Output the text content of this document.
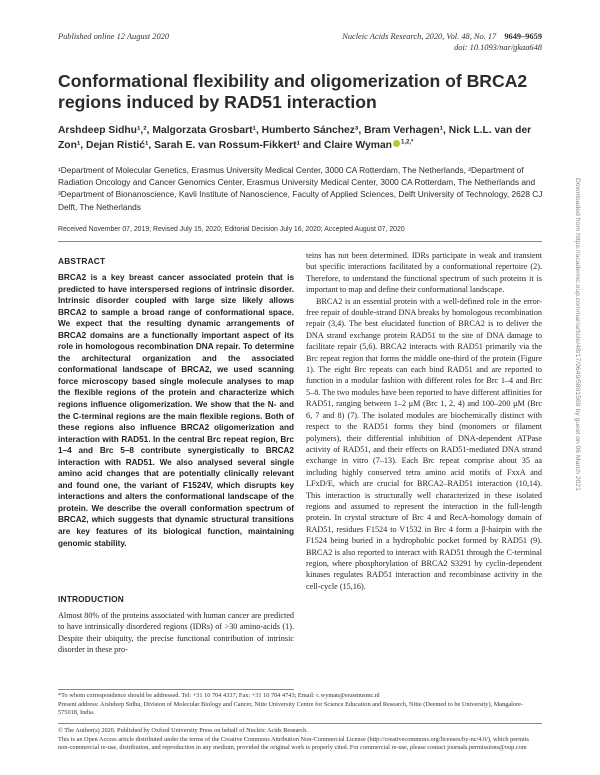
Published online 12 August 2020	Nucleic Acids Research, 2020, Vol. 48, No. 17 9649–9659
doi: 10.1093/nar/gkaa648
Conformational flexibility and oligomerization of BRCA2 regions induced by RAD51 interaction
Arshdeep Sidhu¹,², Malgorzata Grosbart¹, Humberto Sánchez³, Bram Verhagen¹, Nick L.L. van der Zon¹, Dejan Ristić¹, Sarah E. van Rossum-Fikkert¹ and Claire Wyman $^{1,2,*}$
¹Department of Molecular Genetics, Erasmus University Medical Center, 3000 CA Rotterdam, The Netherlands, ²Department of Radiation Oncology and Cancer Genomics Center, Erasmus University Medical Center, 3000 CA Rotterdam, The Netherlands and ³Department of Bionanoscience, Kavli Institute of Nanoscience, Faculty of Applied Sciences, Delft University of Technology, 2628 CJ Delft, The Netherlands
Received November 07, 2019; Revised July 15, 2020; Editorial Decision July 16, 2020; Accepted August 07, 2020
ABSTRACT

BRCA2 is a key breast cancer associated protein that is predicted to have interspersed regions of intrinsic disorder. Intrinsic disorder coupled with large size likely allows BRCA2 to sample a broad range of conformational space. We expect that the resulting dynamic arrangements of BRCA2 domains are a functionally important aspect of its role in homologous recombination DNA repair. To determine the architectural organization and the associated conformational landscape of BRCA2, we used scanning force microscopy based single molecule analyses to map the flexible regions of the protein and characterize which regions influence oligomerization. We show that the N- and the C-terminal regions are the main flexible regions. Both of these regions also influence BRCA2 oligomerization and interaction with RAD51. In the central Brc repeat region, Brc 1–4 and Brc 5–8 contribute synergistically to BRCA2 interaction with RAD51. We also analysed several single amino acid changes that are potentially clinically relevant and found one, the variant of F1524V, which disrupts key interactions and alters the conformational landscape of the protein. We describe the overall conformation spectrum of BRCA2, which suggests that dynamic structural transitions are key features of its biological function, maintaining genomic stability.

INTRODUCTION

Almost 80% of the proteins associated with human cancer are predicted to have intrinsically disordered regions (IDRs) of >30 amino-acids (1). Despite their ubiquity, the precise functional contribution of intrinsic disorder in these pro-

teins has not been determined. IDRs participate in weak and transient but specific interactions facilitated by a conformational repertoire (2). Therefore, to understand the functional spectrum of such proteins it is important to map and define their conformational landscape.

BRCA2 is an essential protein with a well-defined role in the error-free repair of double-strand DNA breaks by homologous recombination repair (3,4). The best elucidated function of BRCA2 is to deliver the DNA strand exchange protein RAD51 to the site of DNA damage to facilitate repair (5,6). BRCA2 interacts with RAD51 primarily via the Brc repeat region that forms the middle one-third of the protein (Figure 1). The eight Brc repeats can each bind RAD51 and are reported to function in a modular fashion with different roles for Brc 1–4 and Brc 5–8. The two modules have been reported to have different affinities for RAD51, ranging between 1–2 μM (Brc 1, 2, 4) and 100–200 μM (Brc 6, 7 and 8) (7). The isolated modules are biochemically distinct with respect to the RAD51 forms they bind (monomers or filament polymers), their differential inhibition of DNA-dependent ATPase activity of RAD51, and their effects on RAD51-mediated DNA strand exchange in vitro (7–13). Each Brc repeat comprise about 35 aa including highly conserved tetra amino acid motifs of FxxA and LFxD/E, which are crucial for BRCA2–RAD51 interaction (10,14). This interaction is structurally well characterized in these isolated regions and assumed to represent the interaction in the full-length protein. In crystal structure of Brc 4 and RecA-homology domain of RAD51, residues F1524 to V1532 in Brc 4 form a β-hairpin with the F1524 being buried in a hydrophobic pocket formed by RAD51 (9). BRCA2 is also reported to interact with RAD51 through the C-terminal region, where phosphorylation of BRCA2 S3291 by cyclin-dependent kinases regulates RAD51 interaction and recombinase activity in the cell-cycle (15,16).

*To whom correspondence should be addressed. Tel: +31 10 704 4337; Fax: +31 10 704 4743; Email: c.wyman@erasmusmc.nl
Present address: Arshdeep Sidhu, Division of Molecular Biology and Cancer, Nitte University Centre for Science Education and Research, Nitte (Deemed to be University), Mangalore-575018, India.
© The Author(s) 2020. Published by Oxford University Press on behalf of Nucleic Acids Research.
This is an Open Access article distributed under the terms of the Creative Commons Attribution Non-Commercial License (http://creativecommons.org/licenses/by-nc/4.0/), which permits non-commercial re-use, distribution, and reproduction in any medium, provided the original work is properly cited. For commercial re-use, please contact journals.permissions@oup.com
Downloaded from https://academic.oup.com/nar/article/48/17/9649/5891569 by guest on 06 March 2021
